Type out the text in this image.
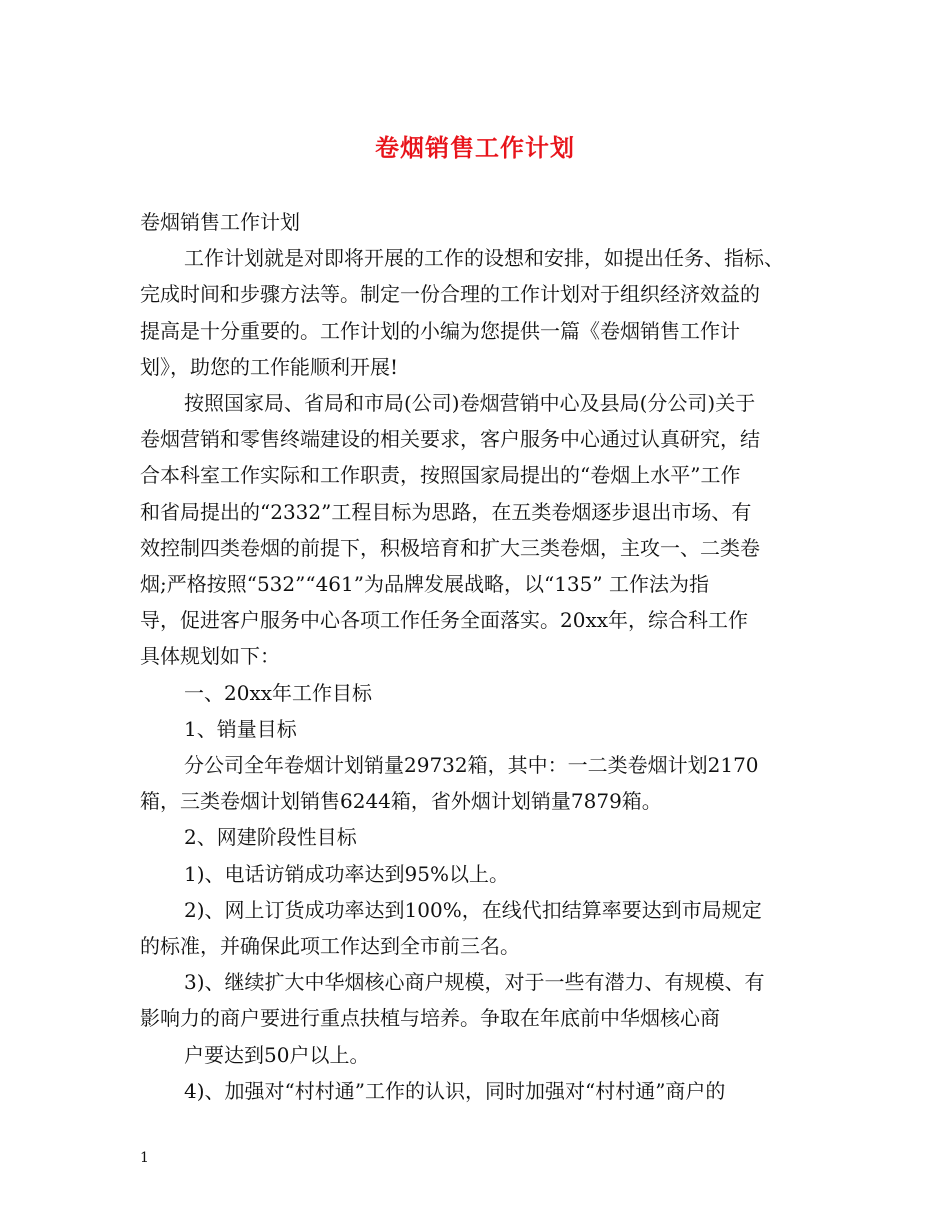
卷烟销售工作计划
卷烟销售工作计划
工作计划就是对即将开展的工作的设想和安排，如提出任务、指标、
完成时间和步骤方法等。制定一份合理的工作计划对于组织经济效益的
提高是十分重要的。工作计划的小编为您提供一篇《卷烟销售工作计
划》，助您的工作能顺利开展!
按照国家局、省局和市局(公司)卷烟营销中心及县局(分公司)关于
卷烟营销和零售终端建设的相关要求，客户服务中心通过认真研究，结
合本科室工作实际和工作职责，按照国家局提出的“卷烟上水平”工作
和省局提出的“2332”工程目标为思路，在五类卷烟逐步退出市场、有
效控制四类卷烟的前提下，积极培育和扩大三类卷烟，主攻一、二类卷
烟;严格按照“532”“461”为品牌发展战略，以“135” 工作法为指
导，促进客户服务中心各项工作任务全面落实。20xx年，综合科工作
具体规划如下：
一、20xx年工作目标
1、销量目标
分公司全年卷烟计划销量29732箱，其中：一二类卷烟计划2170
箱，三类卷烟计划销售6244箱，省外烟计划销量7879箱。
2、网建阶段性目标
1)、电话访销成功率达到95%以上。
2)、网上订货成功率达到100%，在线代扣结算率要达到市局规定
的标准，并确保此项工作达到全市前三名。
3)、继续扩大中华烟核心商户规模，对于一些有潜力、有规模、有
影响力的商户要进行重点扶植与培养。争取在年底前中华烟核心商
户要达到50户以上。
4)、加强对“村村通”工作的认识，同时加强对“村村通”商户的
1
